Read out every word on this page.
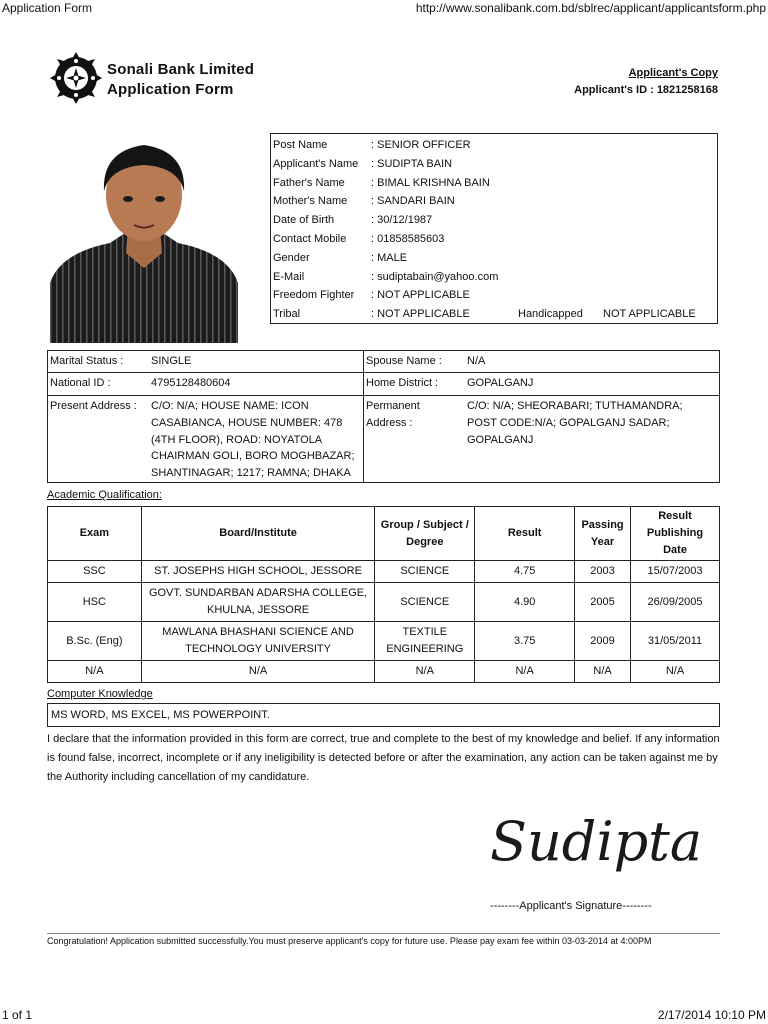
Application Form	http://www.sonalibank.com.bd/sblrec/applicant/applicantsform.php
1 of 1	2/17/2014 10:10 PM
Sonali Bank Limited
Application Form
Applicant's Copy
Applicant's ID : 1821258168
Post Name	: SENIOR OFFICER
Applicant's Name	: SUDIPTA BAIN
Father's Name	: BIMAL KRISHNA BAIN
Mother's Name	: SANDARI BAIN
Date of Birth	: 30/12/1987
Contact Mobile	: 01858585603
Gender	: MALE
E-Mail	: sudiptabain@yahoo.com
Freedom Fighter	: NOT APPLICABLE
Tribal	: NOT APPLICABLE	Handicapped	NOT APPLICABLE
Marital Status :	SINGLE	Spouse Name : N/A
National ID :	4795128480604	Home District :	GOPALGANJ
Present Address : C/O: N/A; HOUSE NAME: ICON
CASABIANCA, HOUSE NUMBER: 478
(4TH FLOOR), ROAD: NOYATOLA
CHAIRMAN GOLI, BORO MOGHBAZAR;
SHANTINAGAR; 1217; RAMNA; DHAKA
Permanent
Address :
C/O: N/A; SHEORABARI; TUTHAMANDRA;
POST CODE:N/A; GOPALGANJ SADAR;
GOPALGANJ
Academic Qualification:
Exam	Board/Institute	Group / Subject / Degree	Result	Passing Year	Result Publishing Date
SSC	ST. JOSEPHS HIGH SCHOOL, JESSORE	SCIENCE	4.75	2003	15/07/2003
HSC	GOVT. SUNDARBAN ADARSHA COLLEGE, KHULNA, JESSORE	SCIENCE	4.90	2005	26/09/2005
B.Sc. (Eng)	MAWLANA BHASHANI SCIENCE AND TECHNOLOGY UNIVERSITY	TEXTILE ENGINEERING	3.75	2009	31/05/2011
N/A	N/A	N/A	N/A	N/A	N/A
Computer Knowledge
MS WORD, MS EXCEL, MS POWERPOINT.
I declare that the information provided in this form are correct, true and complete to the best of my knowledge and belief. If any information is found false, incorrect, incomplete or if any ineligibility is detected before or after the examination, any action can be taken against me by the Authority including cancellation of my candidature.
Sudipta
--------Applicant's Signature--------
Congratulation! Application submitted successfully.You must preserve applicant's copy for future use. Please pay exam fee within 03-03-2014 at 4:00PM
